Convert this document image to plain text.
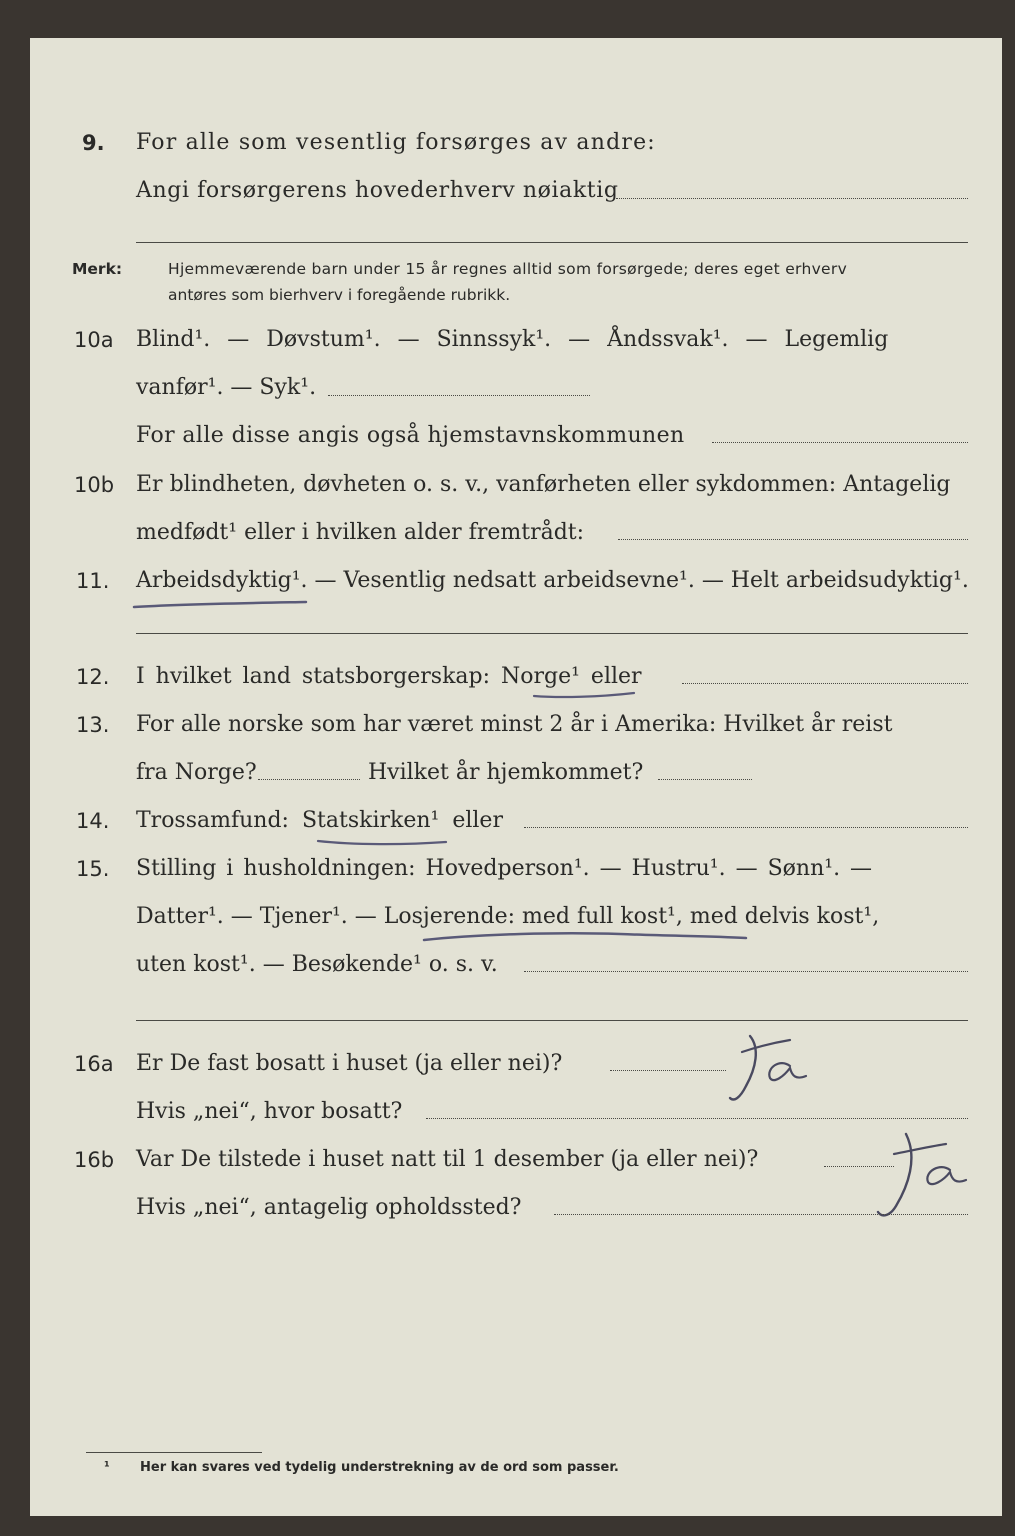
9. For alle som vesentlig forsørges av andre:
Angi forsørgerens hovederhverv nøiaktig
Merk:	Hjemmeværende barn under 15 år regnes alltid som forsørgede; deres eget erhverv
antøres som bierhverv i foregående rubrikk.
10a Blind¹. — Døvstum¹. — Sinnssyk¹. — Åndssvak¹. — Legemlig
vanfør¹. — Syk¹.
For alle disse angis også hjemstavnskommunen
10b Er blindheten, døvheten o. s. v., vanførheten eller sykdommen: Antagelig
medfødt¹ eller i hvilken alder fremtrådt:
11. Arbeidsdyktig¹. — Vesentlig nedsatt arbeidsevne¹. — Helt arbeidsudyktig¹.
12. I hvilket land statsborgerskap: Norge¹ eller
13. For alle norske som har været minst 2 år i Amerika: Hvilket år reist
fra Norge?	Hvilket år hjemkommet?
14. Trossamfund: Statskirken¹ eller
15. Stilling i husholdningen: Hovedperson¹. — Hustru¹. — Sønn¹. —
Datter¹. — Tjener¹. — Losjerende: med full kost¹, med delvis kost¹,
uten kost¹. — Besøkende¹ o. s. v.
16a Er De fast bosatt i huset (ja eller nei)?
Hvis „nei“, hvor bosatt?
16b Var De tilstede i huset natt til 1 desember (ja eller nei)?
Hvis „nei“, antagelig opholdssted?
¹ Her kan svares ved tydelig understrekning av de ord som passer.
